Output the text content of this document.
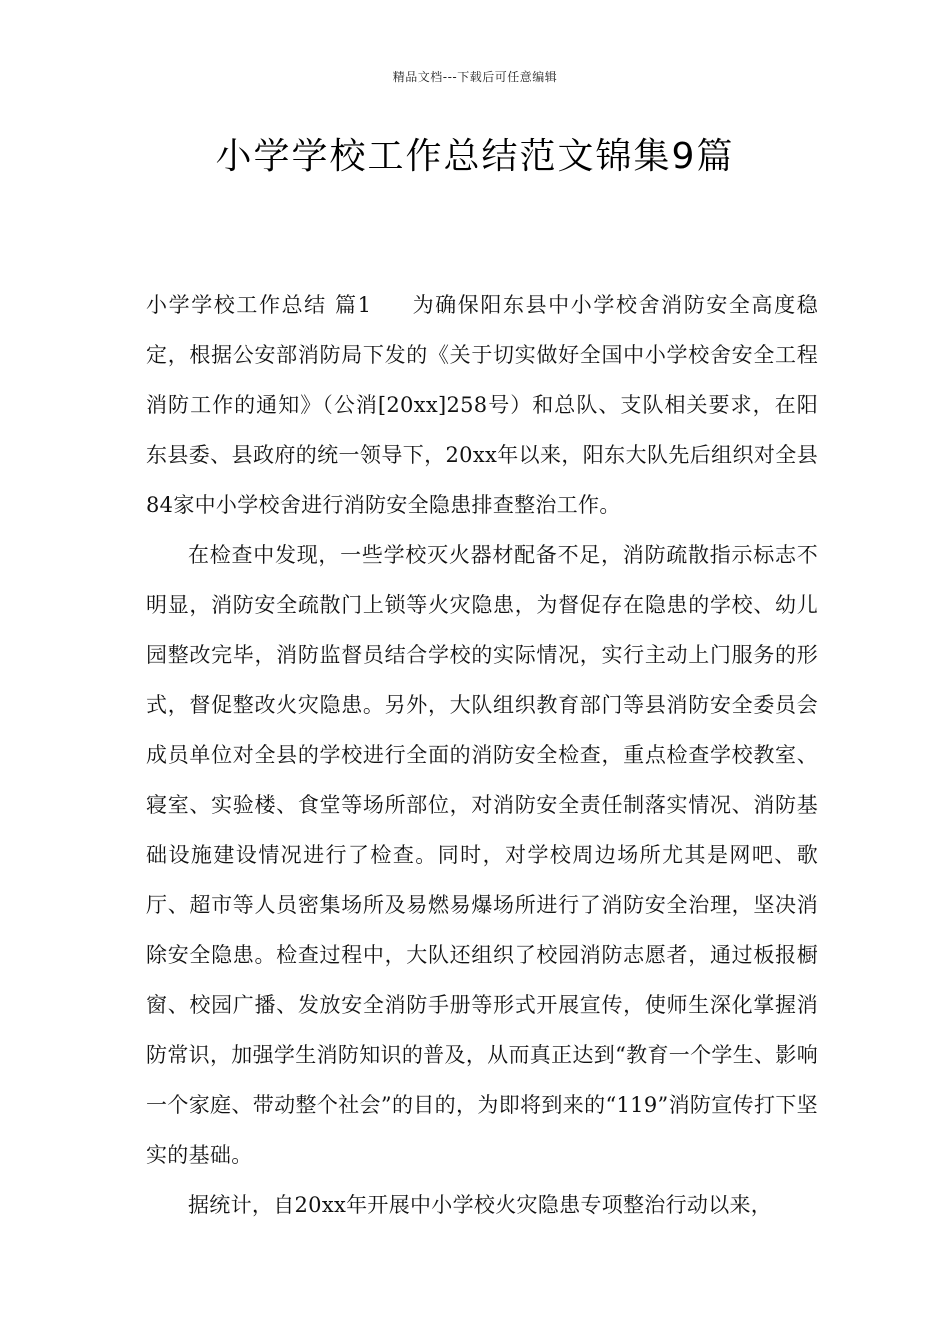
精品文档---下载后可任意编辑
小学学校工作总结范文锦集9篇

小学学校工作总结 篇1 为确保阳东县中小学校舍消防安全高度稳定，根据公安部消防局下发的《关于切实做好全国中小学校舍安全工程消防工作的通知》（公消[20xx]258号）和总队、支队相关要求，在阳东县委、县政府的统一领导下，20xx年以来，阳东大队先后组织对全县84家中小学校舍进行消防安全隐患排查整治工作。

在检查中发现，一些学校灭火器材配备不足，消防疏散指示标志不明显，消防安全疏散门上锁等火灾隐患，为督促存在隐患的学校、幼儿园整改完毕，消防监督员结合学校的实际情况，实行主动上门服务的形式，督促整改火灾隐患。另外，大队组织教育部门等县消防安全委员会成员单位对全县的学校进行全面的消防安全检查，重点检查学校教室、寝室、实验楼、食堂等场所部位，对消防安全责任制落实情况、消防基础设施建设情况进行了检查。同时，对学校周边场所尤其是网吧、歌厅、超市等人员密集场所及易燃易爆场所进行了消防安全治理，坚决消除安全隐患。检查过程中，大队还组织了校园消防志愿者，通过板报橱窗、校园广播、发放安全消防手册等形式开展宣传，使师生深化掌握消防常识，加强学生消防知识的普及，从而真正达到“教育一个学生、影响一个家庭、带动整个社会”的目的，为即将到来的“119”消防宣传打下坚实的基础。

据统计，自20xx年开展中小学校火灾隐患专项整治行动以来，
